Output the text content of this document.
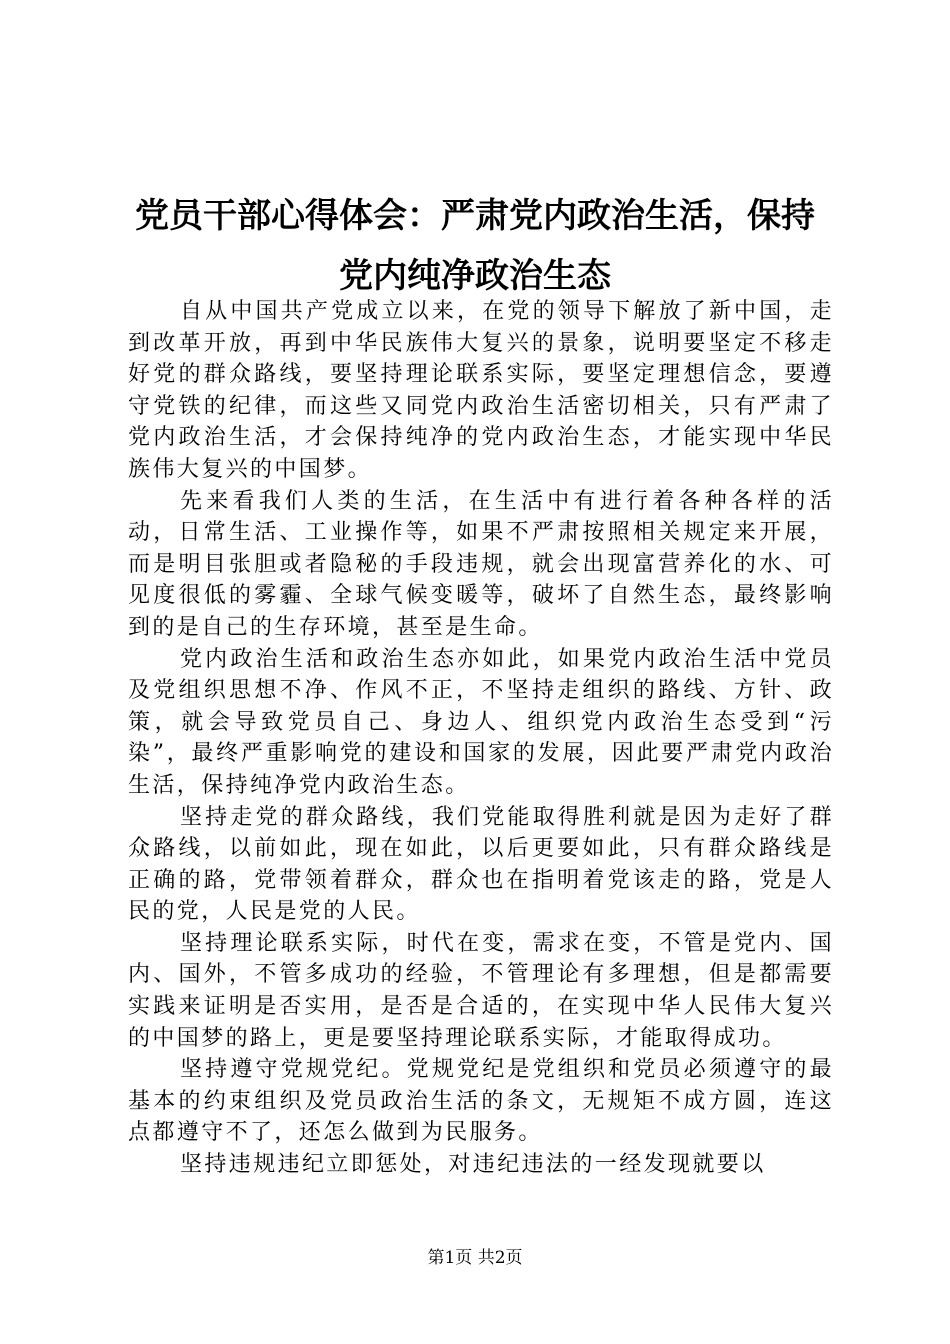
党员干部心得体会：严肃党内政治生活，保持
党内纯净政治生态

自从中国共产党成立以来，在党的领导下解放了新中国，走到改革开放，再到中华民族伟大复兴的景象，说明要坚定不移走好党的群众路线，要坚持理论联系实际，要坚定理想信念，要遵守党铁的纪律，而这些又同党内政治生活密切相关，只有严肃了党内政治生活，才会保持纯净的党内政治生态，才能实现中华民族伟大复兴的中国梦。

先来看我们人类的生活，在生活中有进行着各种各样的活动，日常生活、工业操作等，如果不严肃按照相关规定来开展，而是明目张胆或者隐秘的手段违规，就会出现富营养化的水、可见度很低的雾霾、全球气候变暖等，破坏了自然生态，最终影响到的是自己的生存环境，甚至是生命。

党内政治生活和政治生态亦如此，如果党内政治生活中党员及党组织思想不净、作风不正，不坚持走组织的路线、方针、政策，就会导致党员自己、身边人、组织党内政治生态受到“污染”，最终严重影响党的建设和国家的发展，因此要严肃党内政治生活，保持纯净党内政治生态。

坚持走党的群众路线，我们党能取得胜利就是因为走好了群众路线，以前如此，现在如此，以后更要如此，只有群众路线是正确的路，党带领着群众，群众也在指明着党该走的路，党是人民的党，人民是党的人民。

坚持理论联系实际，时代在变，需求在变，不管是党内、国内、国外，不管多成功的经验，不管理论有多理想，但是都需要实践来证明是否实用，是否是合适的，在实现中华人民伟大复兴的中国梦的路上，更是要坚持理论联系实际，才能取得成功。

坚持遵守党规党纪。党规党纪是党组织和党员必须遵守的最基本的约束组织及党员政治生活的条文，无规矩不成方圆，连这点都遵守不了，还怎么做到为民服务。

坚持违规违纪立即惩处，对违纪违法的一经发现就要以

第1页 共2页
